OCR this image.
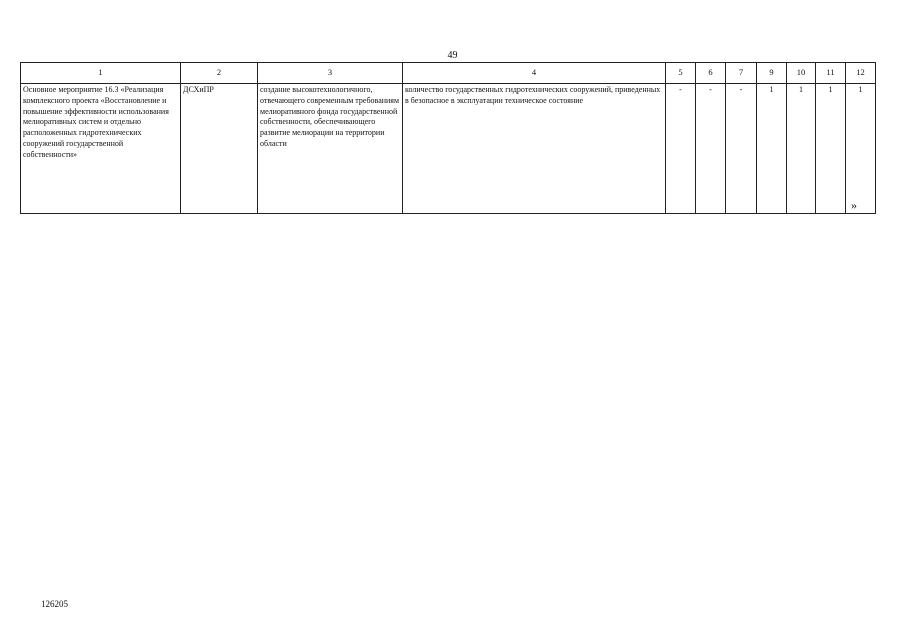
49
1	2	3	4	5	6	7	9	10	11	12
Основное мероприятие 16.3 «Реализация комплексного проекта «Восстановление и повышение эффективности использования мелиоративных систем и отдельно расположенных гидротехнических сооружений государственной собственности»	ДСХиПР	создание высокотехнологичного, отвечающего современным требованиям мелиоративного фонда государственной собственности, обеспечивающего развитие мелиорации на территории области	количество государственных гидротехнических сооружений, приведенных в безопасное в эксплуатации техническое состояние	-	-	-	1	1	1	1
»
126205
